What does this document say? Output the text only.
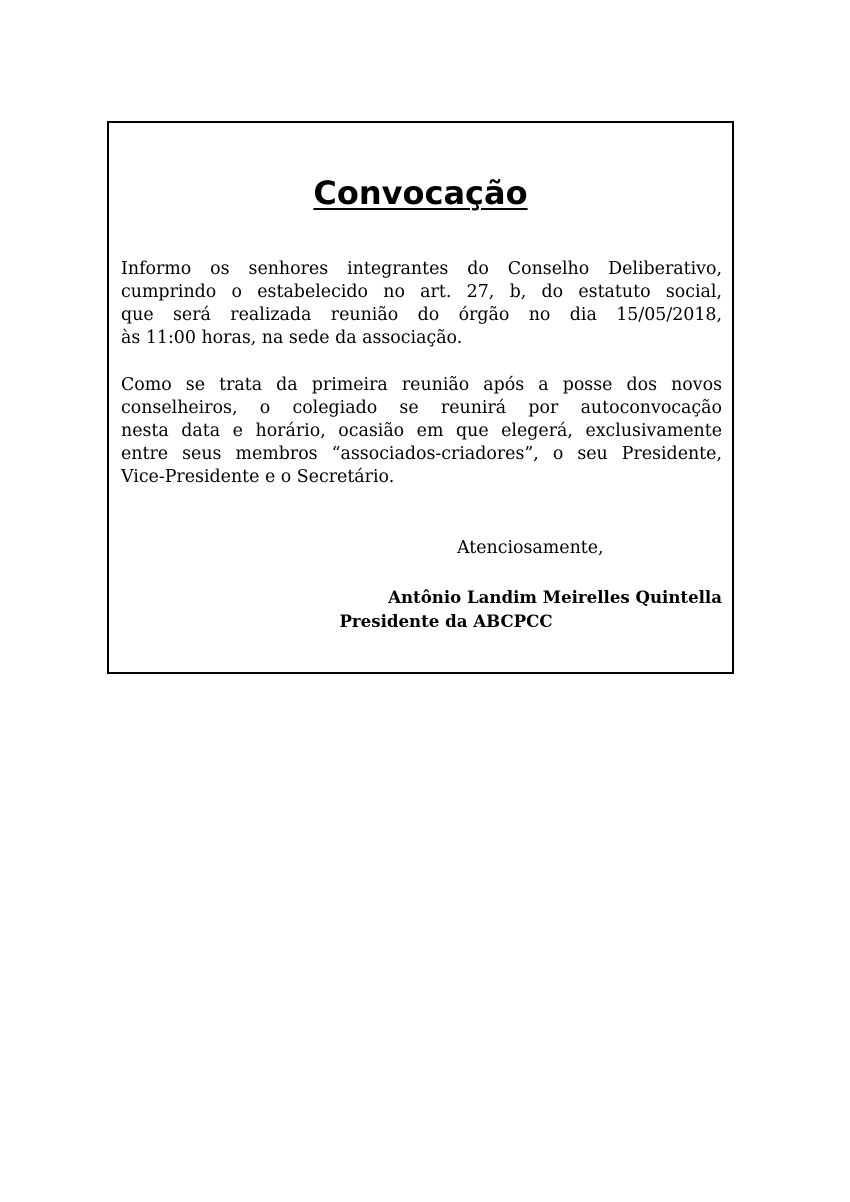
Convocação

Informo os senhores integrantes do Conselho Deliberativo,
cumprindo o estabelecido no art. 27, b, do estatuto social,
que será realizada reunião do órgão no dia 15/05/2018,
às 11:00 horas, na sede da associação.

Como se trata da primeira reunião após a posse dos novos
conselheiros, o colegiado se reunirá por autoconvocação
nesta data e horário, ocasião em que elegerá, exclusivamente
entre seus membros “associados-criadores”, o seu Presidente,
Vice-Presidente e o Secretário.

Atenciosamente,

Antônio Landim Meirelles Quintella

Presidente da ABCPCC
